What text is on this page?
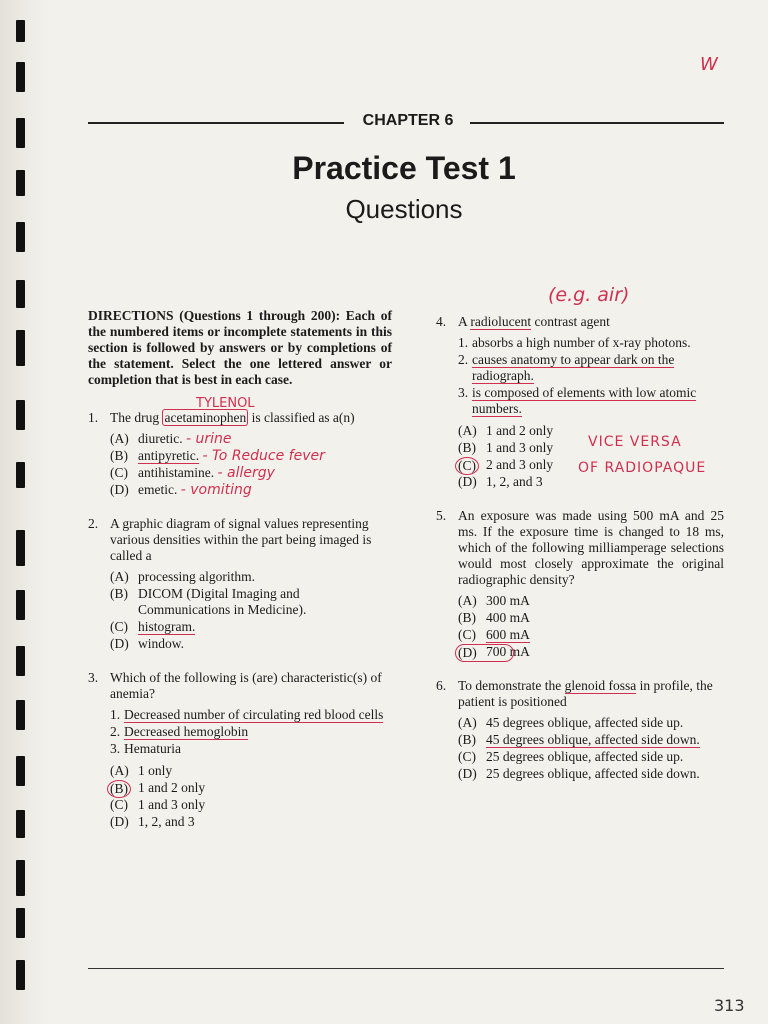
W
CHAPTER 6
Practice Test 1
Questions

DIRECTIONS (Questions 1 through 200): Each of the numbered items or incomplete statements in this section is followed by answers or by completions of the statement. Select the one lettered answer or completion that is best in each case.

1. The drug acetaminophen is classified as a(n)

(A) diuretic. - urine
(B) antipyretic. - To Reduce fever
(C) antihistamine. - allergy
(D) emetic. - vomiting
2. A graphic diagram of signal values representing various densities within the part being imaged is called a

(A) processing algorithm.
(B) DICOM (Digital Imaging and Communications in Medicine).
(C) histogram.
(D) window.
3. Which of the following is (are) characteristic(s) of anemia?

1. Decreased number of circulating red blood cells
2. Decreased hemoglobin
3. Hematuria
(A) 1 only
(B) 1 and 2 only
(C) 1 and 3 only
(D) 1, 2, and 3
TYLENOL
(e.g. air)
4. A radiolucent contrast agent

1. absorbs a high number of x-ray photons.
2. causes anatomy to appear dark on the radiograph.
3. is composed of elements with low atomic numbers.
(A) 1 and 2 only
(B) 1 and 3 only
(C) 2 and 3 only
(D) 1, 2, and 3
5. An exposure was made using 500 mA and 25 ms. If the exposure time is changed to 18 ms, which of the following milliamperage selections would most closely approximate the original radiographic density?

(A) 300 mA
(B) 400 mA
(C) 600 mA
(D) 700 mA
6. To demonstrate the glenoid fossa in profile, the patient is positioned

(A) 45 degrees oblique, affected side up.
(B) 45 degrees oblique, affected side down.
(C) 25 degrees oblique, affected side up.
(D) 25 degrees oblique, affected side down.
VICE VERSA
OF RADIOPAQUE
313
